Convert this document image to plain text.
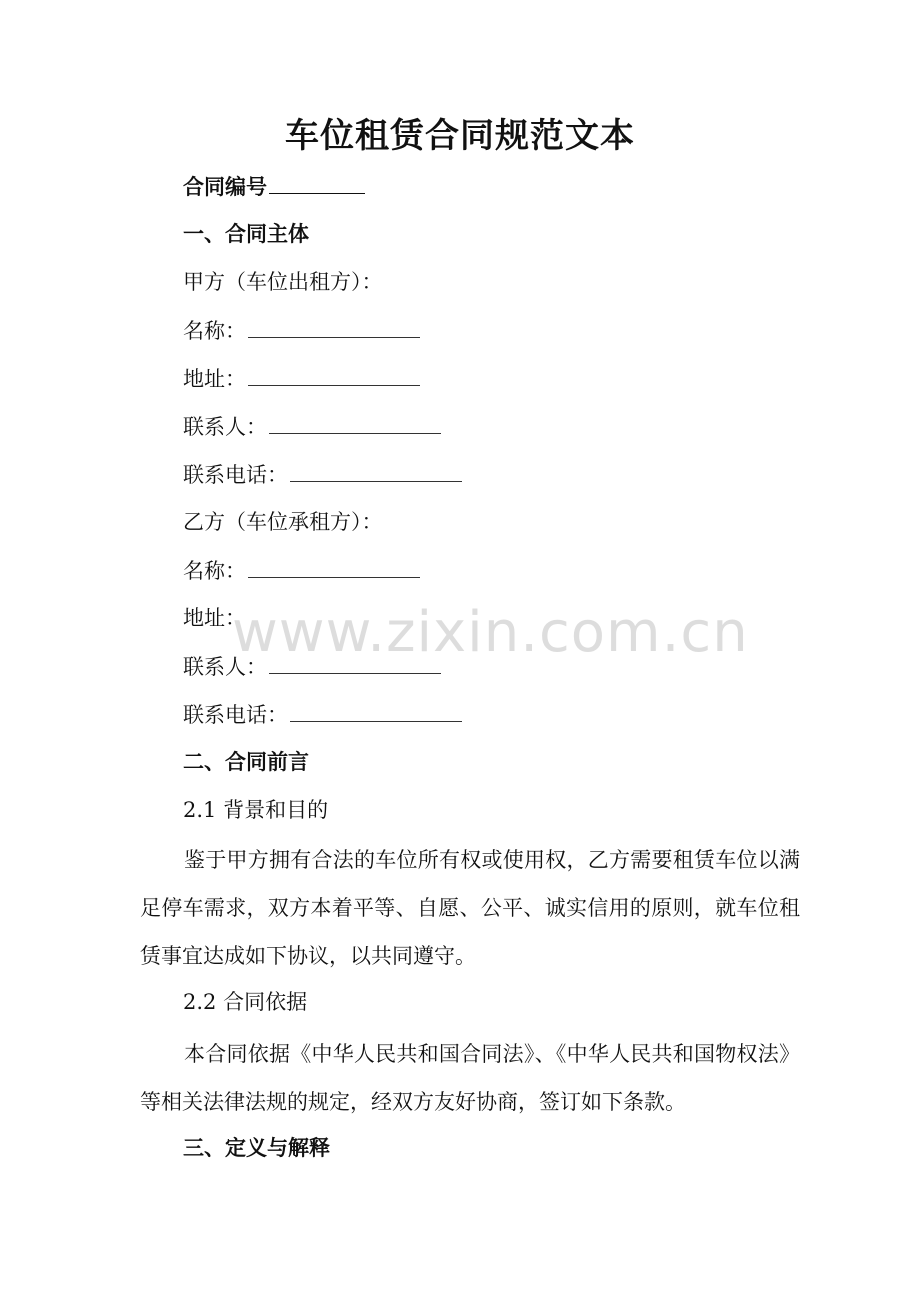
车位租赁合同规范文本
合同编号
一、合同主体
甲方（车位出租方）：
名称：
地址：
联系人：
联系电话：
乙方（车位承租方）：
名称：
地址：
联系人：
联系电话：
二、合同前言
2.1 背景和目的
鉴于甲方拥有合法的车位所有权或使用权，乙方需要租赁车位以满足停车需求，双方本着平等、自愿、公平、诚实信用的原则，就车位租赁事宜达成如下协议，以共同遵守。
2.2 合同依据
本合同依据《中华人民共和国合同法》、《中华人民共和国物权法》等相关法律法规的规定，经双方友好协商，签订如下条款。
三、定义与解释
www.zixin.com.cn
